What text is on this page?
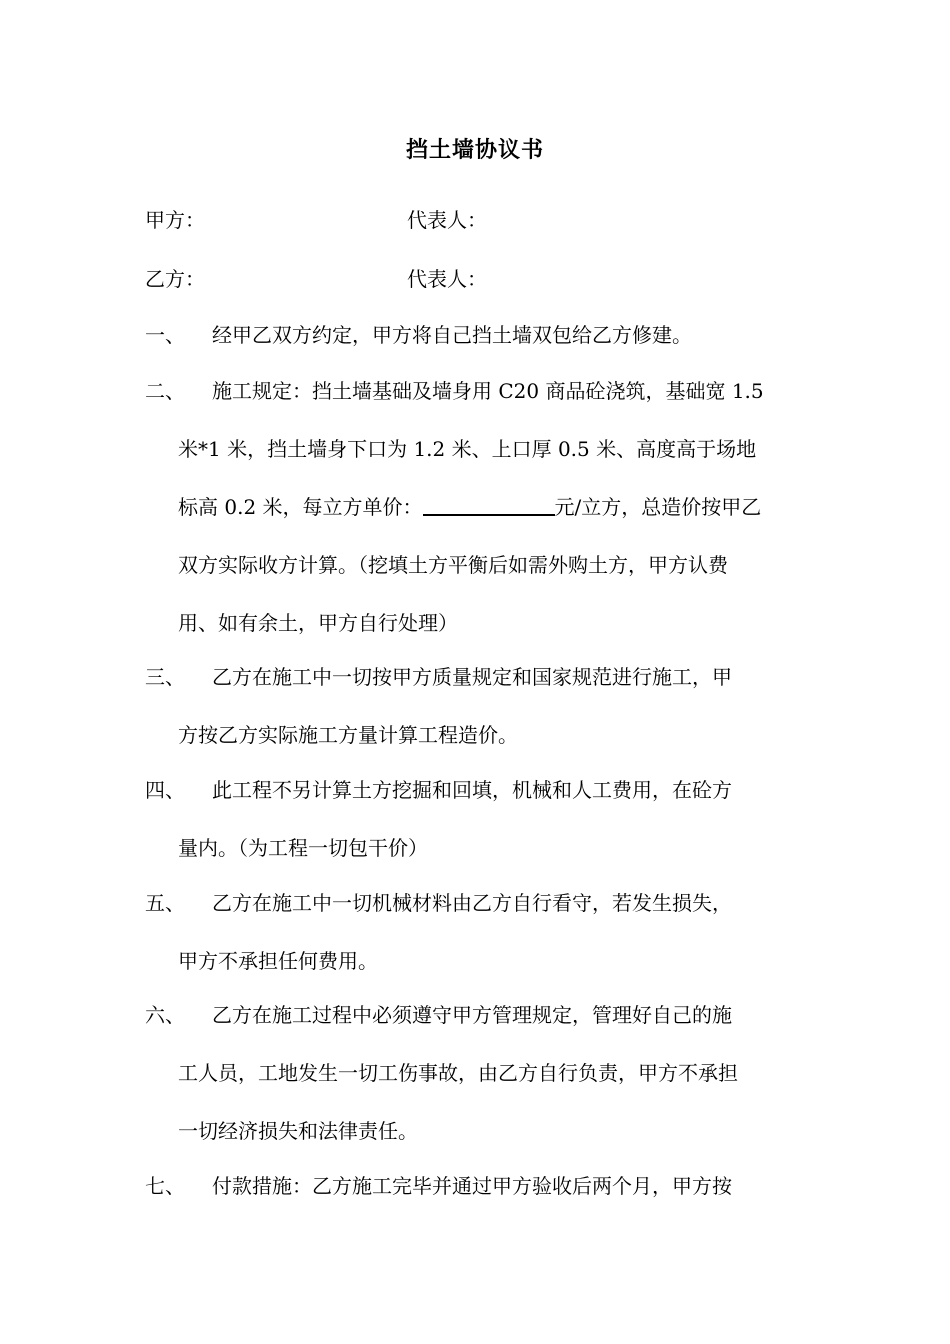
挡土墙协议书
甲方：	代表人：
乙方：	代表人：
一、	经甲乙双方约定，甲方将自己挡土墙双包给乙方修建。
二、	施工规定：挡土墙基础及墙身用 C20 商品砼浇筑，基础宽 1.5
米*1 米，挡土墙身下口为 1.2 米、上口厚 0.5 米、高度高于场地
标高 0.2 米，每立方单价：	元/立方，总造价按甲乙
双方实际收方计算。（挖填土方平衡后如需外购土方，甲方认费
用、如有余土，甲方自行处理）
三、	乙方在施工中一切按甲方质量规定和国家规范进行施工，甲
方按乙方实际施工方量计算工程造价。
四、	此工程不另计算土方挖掘和回填，机械和人工费用，在砼方
量内。（为工程一切包干价）
五、	乙方在施工中一切机械材料由乙方自行看守，若发生损失，
甲方不承担任何费用。
六、	乙方在施工过程中必须遵守甲方管理规定，管理好自己的施
工人员，工地发生一切工伤事故，由乙方自行负责，甲方不承担
一切经济损失和法律责任。
七、	付款措施：乙方施工完毕并通过甲方验收后两个月，甲方按
